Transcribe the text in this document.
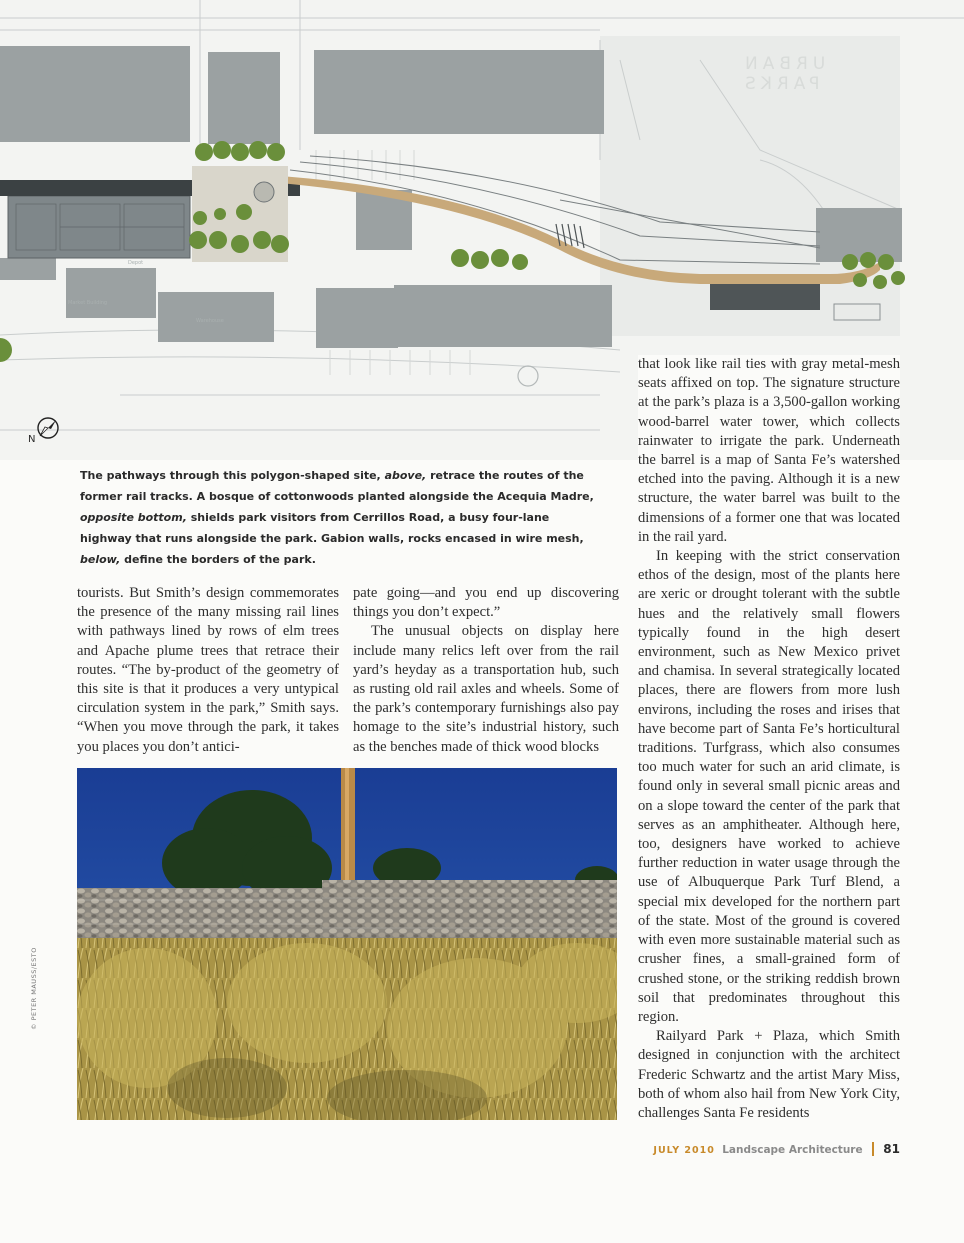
URBAN PARKS
Market Building
Warehouse
Depot
N
The pathways through this polygon-shaped site, above, retrace the routes of the former rail tracks. A bosque of cottonwoods planted alongside the Acequia Madre, opposite bottom, shields park visitors from Cerrillos Road, a busy four-lane highway that runs alongside the park. Gabion walls, rocks encased in wire mesh, below, define the borders of the park.

tourists. But Smith’s design commemorates the presence of the many missing rail lines with pathways lined by rows of elm trees and Apache plume trees that retrace their routes. “The by-product of the geometry of this site is that it produces a very untypical circulation system in the park,” Smith says. “When you move through the park, it takes you places you don’t antici-

pate going—and you end up discovering things you don’t expect.”

The unusual objects on display here include many relics left over from the rail yard’s heyday as a transportation hub, such as rusting old rail axles and wheels. Some of the park’s contemporary furnishings also pay homage to the site’s industrial history, such as the benches made of thick wood blocks

that look like rail ties with gray metal-mesh seats affixed on top. The signature structure at the park’s plaza is a 3,500-gallon working wood-barrel water tower, which collects rainwater to irrigate the park. Underneath the barrel is a map of Santa Fe’s watershed etched into the paving. Although it is a new structure, the water barrel was built to the dimensions of a former one that was located in the rail yard.

In keeping with the strict conservation ethos of the design, most of the plants here are xeric or drought tolerant with the subtle hues and the relatively small flowers typically found in the high desert environment, such as New Mexico privet and chamisa. In several strategically located places, there are flowers from more lush environs, including the roses and irises that have become part of Santa Fe’s horticultural traditions. Turfgrass, which also consumes too much water for such an arid climate, is found only in several small picnic areas and on a slope toward the center of the park that serves as an amphitheater. Although here, too, designers have worked to achieve further reduction in water usage through the use of Albuquerque Park Turf Blend, a special mix developed for the northern part of the state. Most of the ground is covered with even more sustainable material such as crusher fines, a small-grained form of crushed stone, or the striking reddish brown soil that predominates throughout this region.

Railyard Park + Plaza, which Smith designed in conjunction with the architect Frederic Schwartz and the artist Mary Miss, both of whom also hail from New York City, challenges Santa Fe residents

© PETER MAUSS/ESTO
JULY 2010 Landscape Architecture 81
